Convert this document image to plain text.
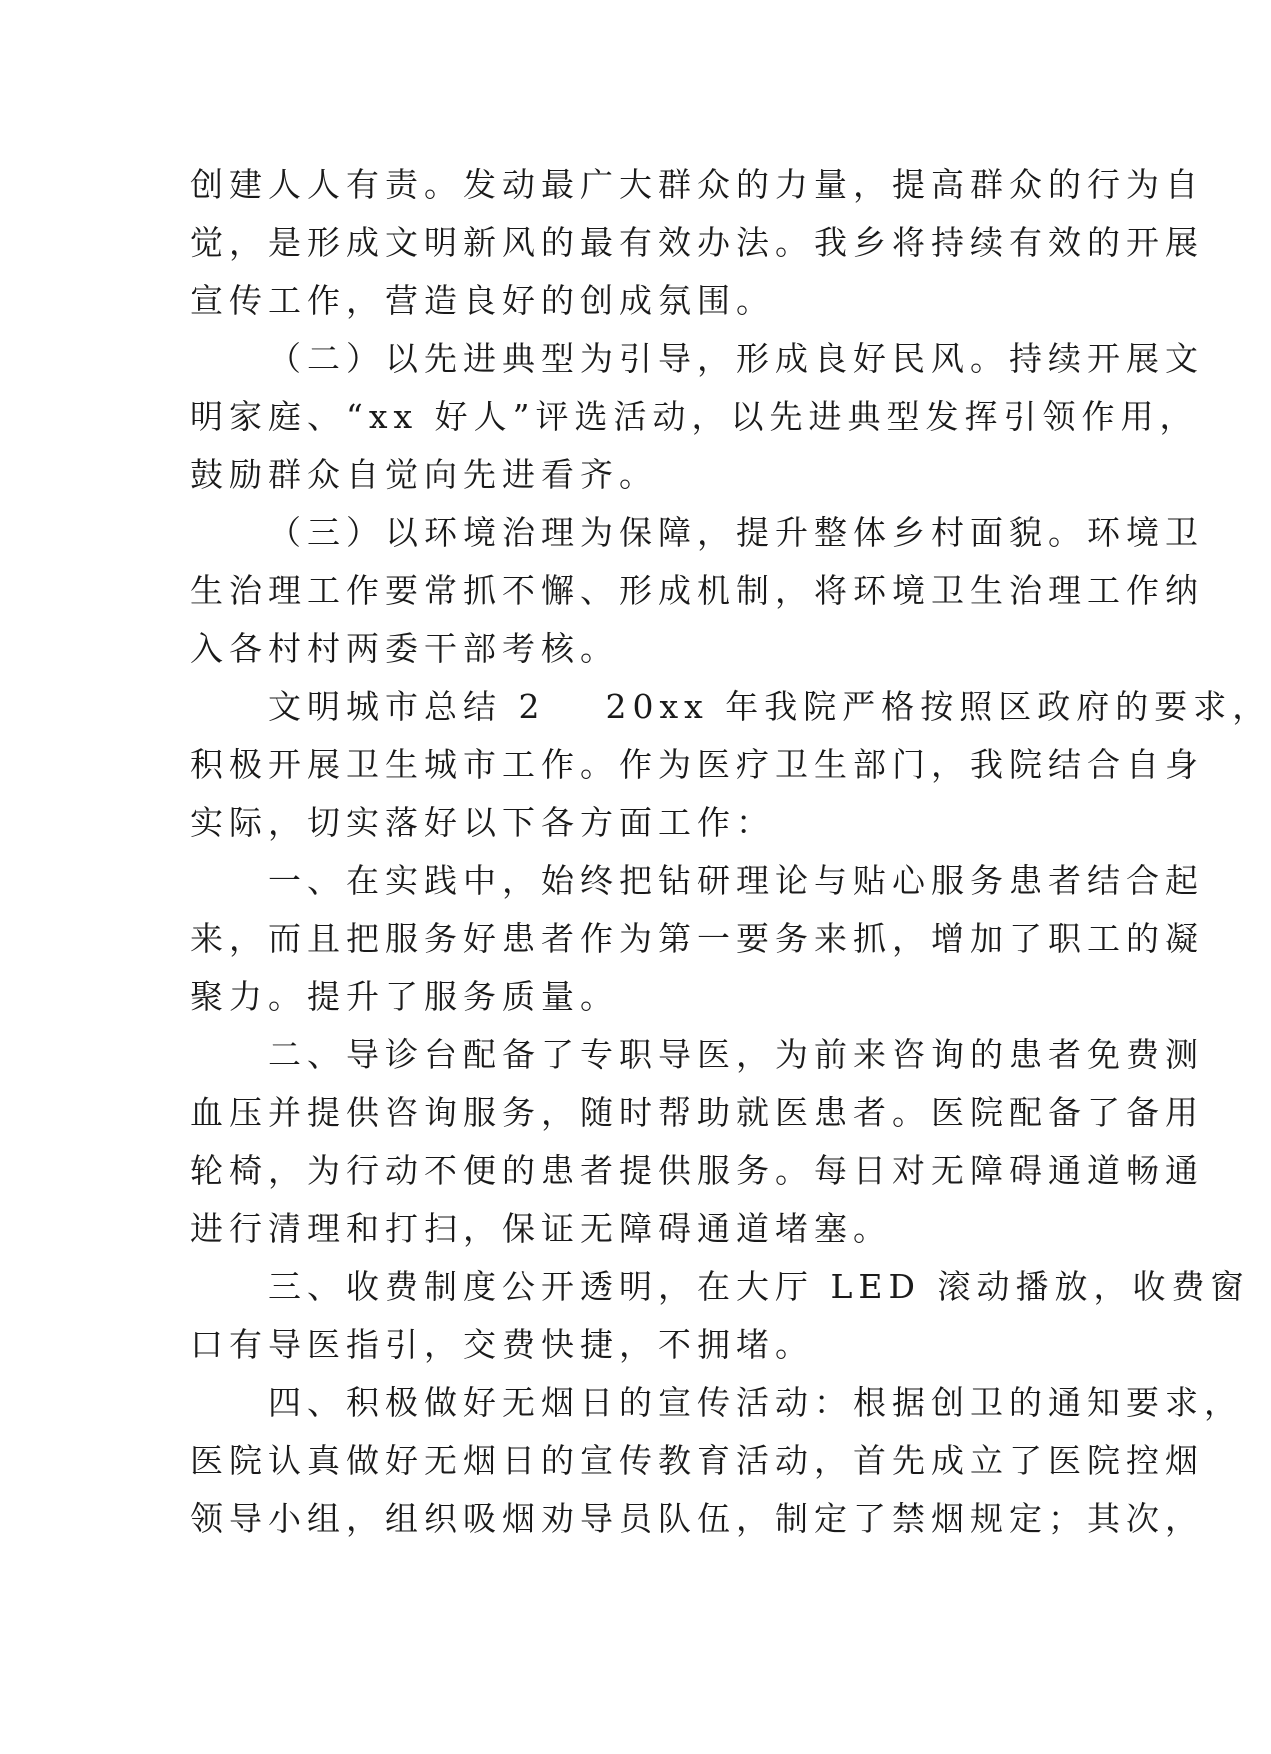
创建人人有责。发动最广大群众的力量，提高群众的行为自
觉，是形成文明新风的最有效办法。我乡将持续有效的开展
宣传工作，营造良好的创成氛围。
（二）以先进典型为引导，形成良好民风。持续开展文
明家庭、“xx 好人”评选活动，以先进典型发挥引领作用，
鼓励群众自觉向先进看齐。
（三）以环境治理为保障，提升整体乡村面貌。环境卫
生治理工作要常抓不懈、形成机制，将环境卫生治理工作纳
入各村村两委干部考核。
文明城市总结 2 20xx 年我院严格按照区政府的要求，
积极开展卫生城市工作。作为医疗卫生部门，我院结合自身
实际，切实落好以下各方面工作：
一、在实践中，始终把钻研理论与贴心服务患者结合起
来，而且把服务好患者作为第一要务来抓，增加了职工的凝
聚力。提升了服务质量。
二、导诊台配备了专职导医，为前来咨询的患者免费测
血压并提供咨询服务，随时帮助就医患者。医院配备了备用
轮椅，为行动不便的患者提供服务。每日对无障碍通道畅通
进行清理和打扫，保证无障碍通道堵塞。
三、收费制度公开透明，在大厅 LED 滚动播放，收费窗
口有导医指引，交费快捷，不拥堵。
四、积极做好无烟日的宣传活动：根据创卫的通知要求，
医院认真做好无烟日的宣传教育活动，首先成立了医院控烟
领导小组，组织吸烟劝导员队伍，制定了禁烟规定；其次，
